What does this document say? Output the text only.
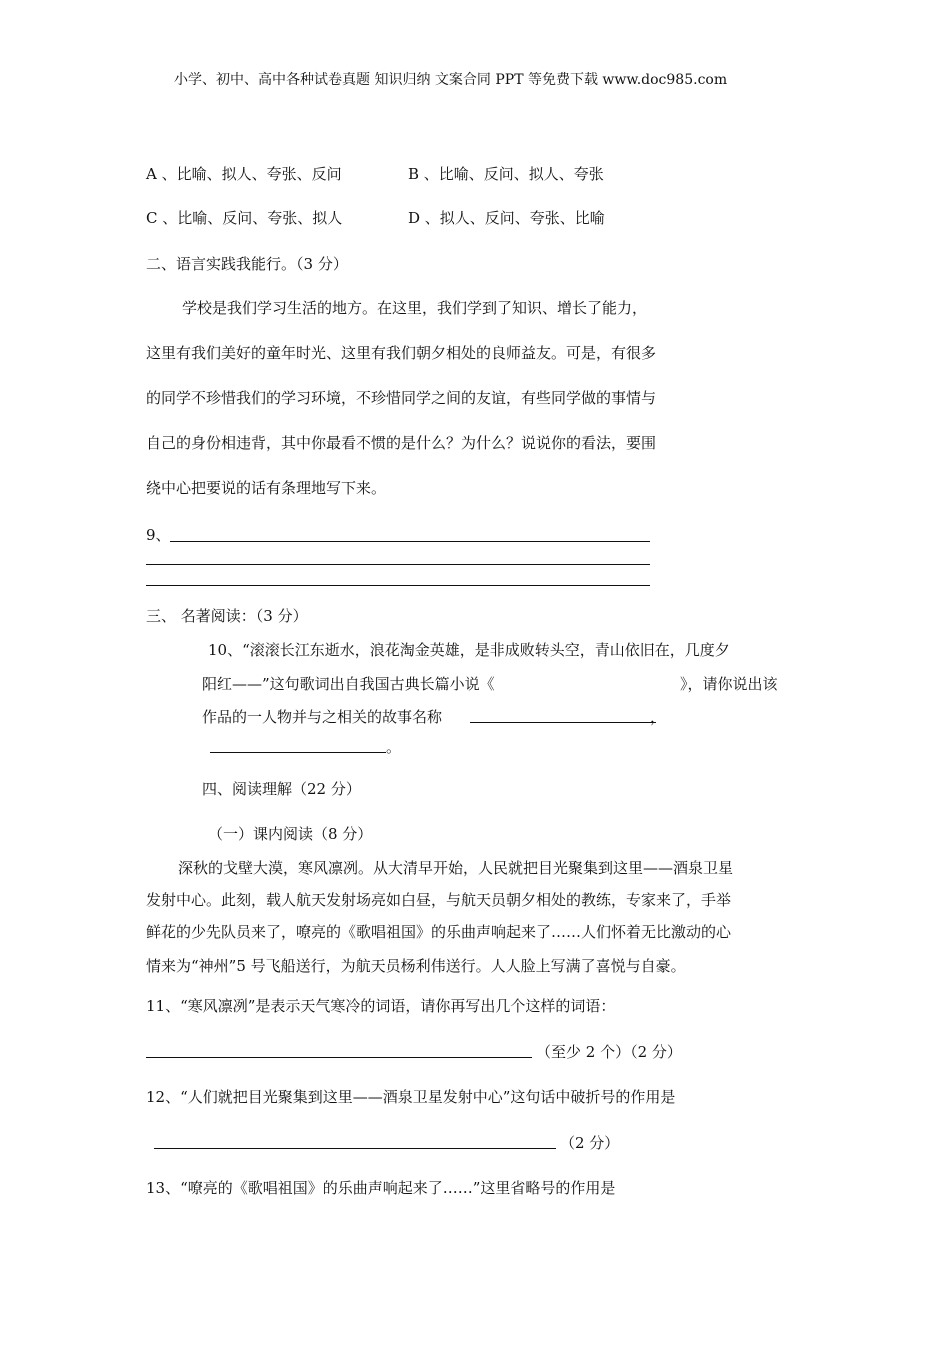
小学、初中、高中各种试卷真题 知识归纳 文案合同 PPT 等免费下载 www.doc985.com
A 、比喻、拟人、夸张、反问	B 、比喻、反问、拟人、夸张
C 、比喻、反问、夸张、拟人	D 、拟人、反问、夸张、比喻
二、语言实践我能行。（3 分）
学校是我们学习生活的地方。在这里，我们学到了知识、增长了能力，
这里有我们美好的童年时光、这里有我们朝夕相处的良师益友。可是，有很多
的同学不珍惜我们的学习环境，不珍惜同学之间的友谊，有些同学做的事情与
自己的身份相违背，其中你最看不惯的是什么？为什么？说说你的看法，要围
绕中心把要说的话有条理地写下来。
9、
三、 名著阅读：（3 分）
10、“滚滚长江东逝水，浪花淘金英雄，是非成败转头空，青山依旧在，几度夕
阳红——”这句歌词出自我国古典长篇小说《	》，请你说出该
作品的一人物并与之相关的故事名称	，
。
四、阅读理解（22 分）
（一）课内阅读（8 分）
深秋的戈壁大漠，寒风凛冽。从大清早开始，人民就把目光聚集到这里——酒泉卫星
发射中心。此刻，载人航天发射场亮如白昼，与航天员朝夕相处的教练，专家来了，手举
鲜花的少先队员来了，嘹亮的《歌唱祖国》的乐曲声响起来了……人们怀着无比激动的心
情来为“神州”5 号飞船送行，为航天员杨利伟送行。人人脸上写满了喜悦与自豪。
11、“寒风凛冽”是表示天气寒冷的词语，请你再写出几个这样的词语：
（至少 2 个）（2 分）
12、“人们就把目光聚集到这里——酒泉卫星发射中心”这句话中破折号的作用是
（2 分）
13、“嘹亮的《歌唱祖国》的乐曲声响起来了……”这里省略号的作用是
